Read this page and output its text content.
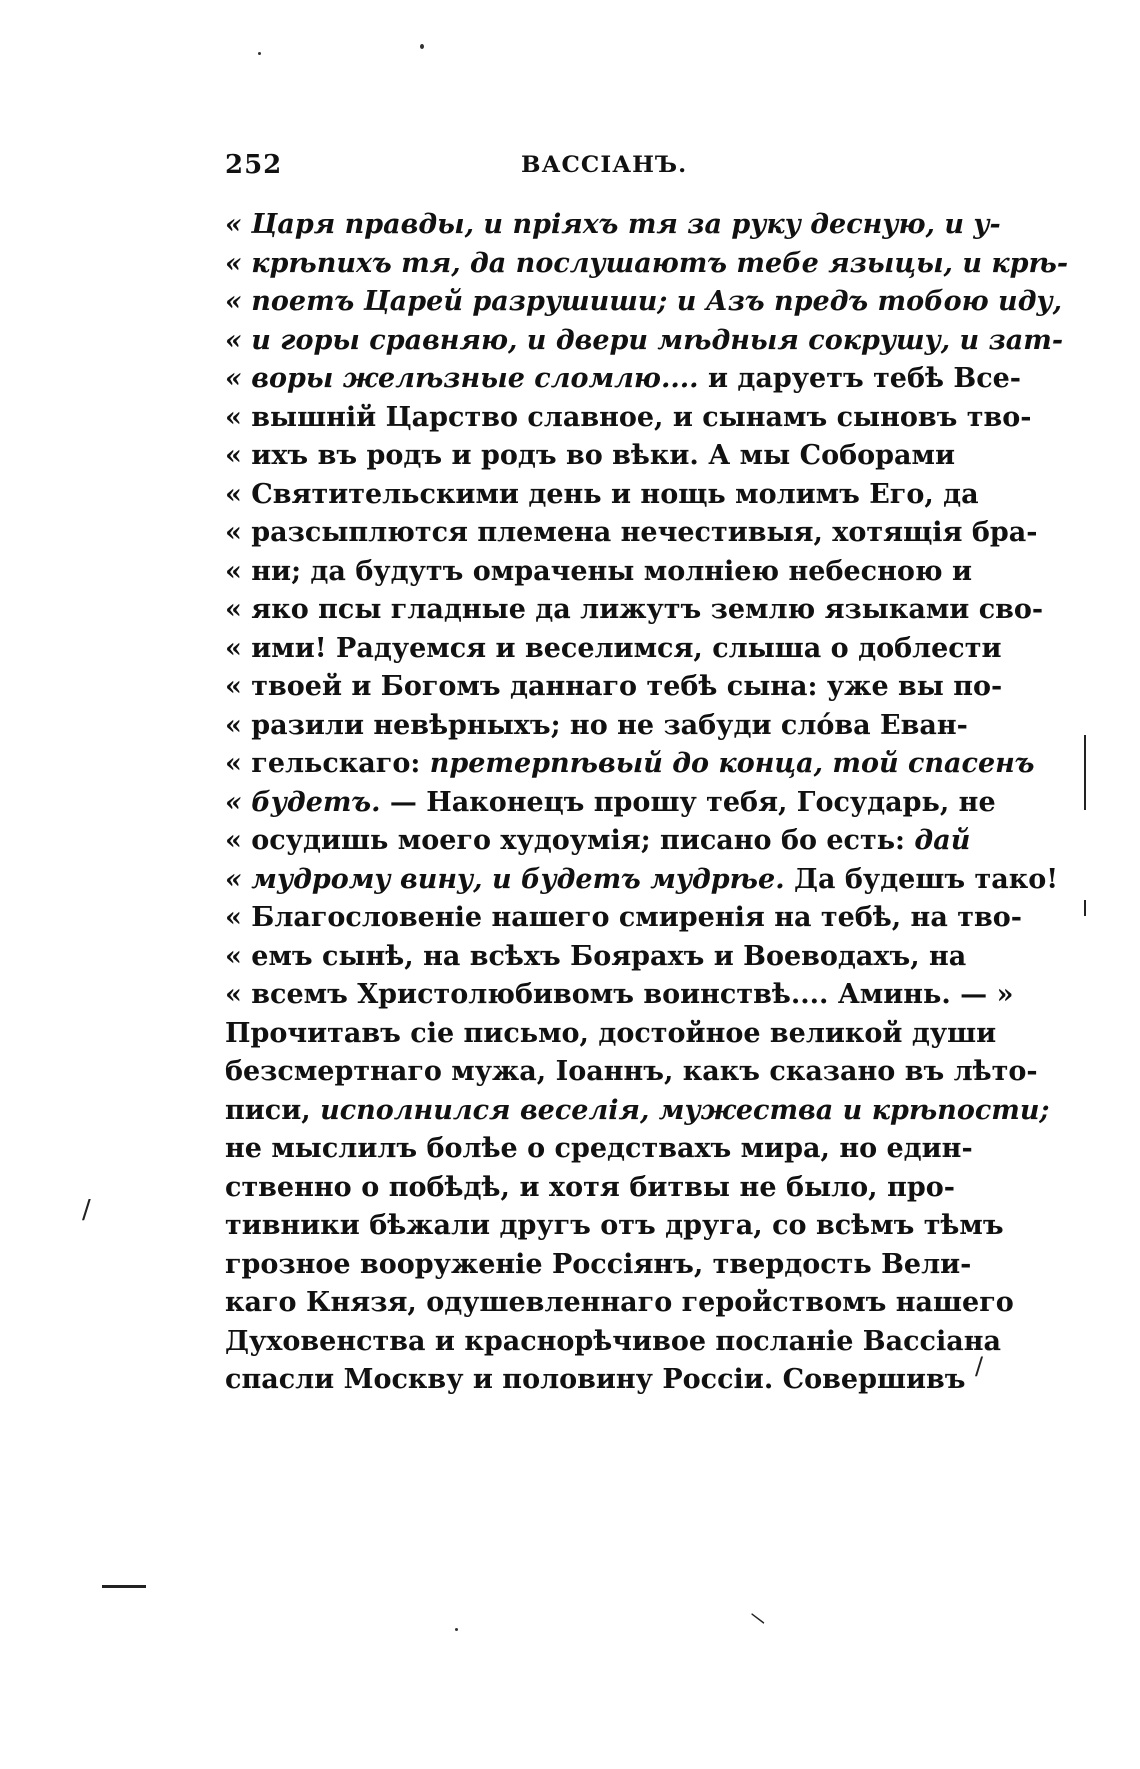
252	ВАССІАНЪ.
« Царя правды, и прiяхъ тя за руку десную, и у-
« крѣпихъ тя, да послушаютъ тебе языцы, и крѣ-
« поетъ Царей разрушиши; и Азъ предъ тобою иду,
« и горы сравняю, и двери мѣдныя сокрушу, и зат-
« воры желѣзные сломлю.... и даруетъ тебѣ Все-
« вышнiй Царство славное, и сынамъ сыновъ тво-
« ихъ въ родъ и родъ во вѣки. А мы Соборами
« Святительскими день и нощь молимъ Его, да
« разсыплются племена нечестивыя, хотящiя бра-
« ни; да будутъ омрачены молнiею небесною и
« яко псы гладные да лижутъ землю языками сво-
« ими! Радуемся и веселимся, слыша о доблести
« твоей и Богомъ даннаго тебѣ сына: уже вы по-
« разили невѣрныхъ; но не забуди слóва Еван-
« гельскаго: претерпѣвый до конца, той спасенъ
« будетъ. — Наконецъ прошу тебя, Государь, не
« осудишь моего худоумiя; писано бо есть: дай
« мудрому вину, и будетъ мудрѣе. Да будешъ тако!
« Благословенiе нашего смиренiя на тебѣ, на тво-
« емъ сынѣ, на всѣхъ Боярахъ и Воеводахъ, на
« всемъ Христолюбивомъ воинствѣ.... Аминь. — »
Прочитавъ сiе письмо, достойное великой души
безсмертнаго мужа, Iоаннъ, какъ сказано въ лѣто-
писи, исполнился веселiя, мужества и крѣпости;
не мыслилъ болѣе о средствахъ мира, но един-
ственно о побѣдѣ, и хотя битвы не было, про-
тивники бѣжали другъ отъ друга, со всѣмъ тѣмъ
грозное вооруженiе Россiянъ, твердость Вели-
каго Князя, одушевленнаго геройствомъ нашего
Духовенства и краснорѣчивое посланiе Вассiана
спасли Москву и половину Россiи. Совершивъ
/
/
/
